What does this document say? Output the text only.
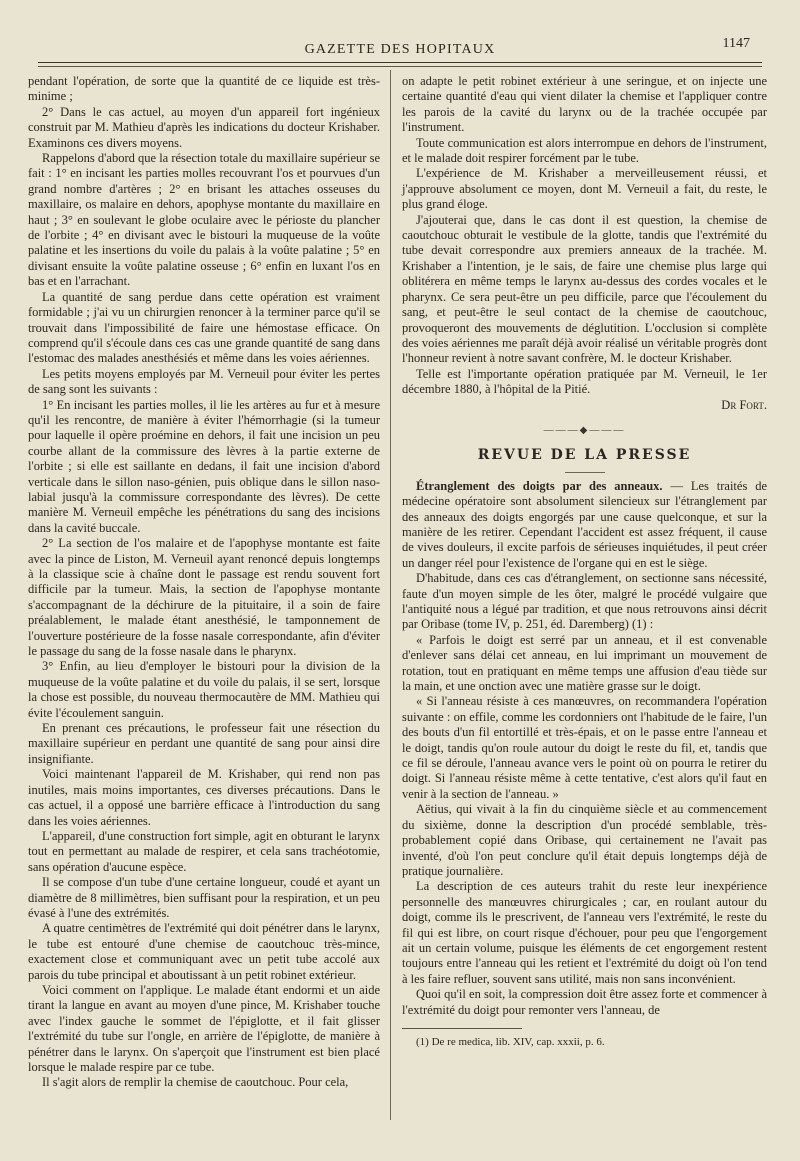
GAZETTE DES HOPITAUX	1147

pendant l'opération, de sorte que la quantité de ce liquide est très-minime ;

2° Dans le cas actuel, au moyen d'un appareil fort ingénieux construit par M. Mathieu d'après les indications du docteur Krishaber. Examinons ces divers moyens.

Rappelons d'abord que la résection totale du maxillaire supérieur se fait : 1° en incisant les parties molles recouvrant l'os et pourvues d'un grand nombre d'artères ; 2° en brisant les attaches osseuses du maxillaire, os malaire en dehors, apophyse montante du maxillaire en haut ; 3° en soulevant le globe oculaire avec le périoste du plancher de l'orbite ; 4° en divisant avec le bistouri la muqueuse de la voûte palatine et les insertions du voile du palais à la voûte palatine ; 5° en divisant ensuite la voûte palatine osseuse ; 6° enfin en luxant l'os en bas et en l'arrachant.

La quantité de sang perdue dans cette opération est vraiment formidable ; j'ai vu un chirurgien renoncer à la terminer parce qu'il se trouvait dans l'impossibilité de faire une hémostase efficace. On comprend qu'il s'écoule dans ces cas une grande quantité de sang dans l'estomac des malades anesthésiés et même dans les voies aériennes.

Les petits moyens employés par M. Verneuil pour éviter les pertes de sang sont les suivants :

1° En incisant les parties molles, il lie les artères au fur et à mesure qu'il les rencontre, de manière à éviter l'hémorrhagie (si la tumeur pour laquelle il opère proémine en dehors, il fait une incision un peu courbe allant de la commissure des lèvres à la partie externe de l'orbite ; si elle est saillante en dedans, il fait une incision d'abord verticale dans le sillon naso-génien, puis oblique dans le sillon naso-labial jusqu'à la commissure correspondante des lèvres). De cette manière M. Verneuil empêche les pénétrations du sang des incisions dans la cavité buccale.

2° La section de l'os malaire et de l'apophyse montante est faite avec la pince de Liston, M. Verneuil ayant renoncé depuis longtemps à la classique scie à chaîne dont le passage est rendu souvent fort difficile par la tumeur. Mais, la section de l'apophyse montante s'accompagnant de la déchirure de la pituitaire, il a soin de faire préalablement, le malade étant anesthésié, le tamponnement de l'ouverture postérieure de la fosse nasale correspondante, afin d'éviter le passage du sang de la fosse nasale dans le pharynx.

3° Enfin, au lieu d'employer le bistouri pour la division de la muqueuse de la voûte palatine et du voile du palais, il se sert, lorsque la chose est possible, du nouveau thermocautère de MM. Mathieu qui évite l'écoulement sanguin.

En prenant ces précautions, le professeur fait une résection du maxillaire supérieur en perdant une quantité de sang pour ainsi dire insignifiante.

Voici maintenant l'appareil de M. Krishaber, qui rend non pas inutiles, mais moins importantes, ces diverses précautions. Dans le cas actuel, il a opposé une barrière efficace à l'introduction du sang dans les voies aériennes.

L'appareil, d'une construction fort simple, agit en obturant le larynx tout en permettant au malade de respirer, et cela sans trachéotomie, sans opération d'aucune espèce.

Il se compose d'un tube d'une certaine longueur, coudé et ayant un diamètre de 8 millimètres, bien suffisant pour la respiration, et un peu évasé à l'une des extrémités.

A quatre centimètres de l'extrémité qui doit pénétrer dans le larynx, le tube est entouré d'une chemise de caoutchouc très-mince, exactement close et communiquant avec un petit tube accolé aux parois du tube principal et aboutissant à un petit robinet extérieur.

Voici comment on l'applique. Le malade étant endormi et un aide tirant la langue en avant au moyen d'une pince, M. Krishaber touche avec l'index gauche le sommet de l'épiglotte, et il fait glisser l'extrémité du tube sur l'ongle, en arrière de l'épiglotte, de manière à pénétrer dans le larynx. On s'aperçoit que l'instrument est bien placé lorsque le malade respire par ce tube.

Il s'agit alors de remplir la chemise de caoutchouc. Pour cela,

on adapte le petit robinet extérieur à une seringue, et on injecte une certaine quantité d'eau qui vient dilater la chemise et l'appliquer contre les parois de la cavité du larynx ou de la trachée occupée par l'instrument.

Toute communication est alors interrompue en dehors de l'instrument, et le malade doit respirer forcément par le tube.

L'expérience de M. Krishaber a merveilleusement réussi, et j'approuve absolument ce moyen, dont M. Verneuil a fait, du reste, le plus grand éloge.

J'ajouterai que, dans le cas dont il est question, la chemise de caoutchouc obturait le vestibule de la glotte, tandis que l'extrémité du tube devait correspondre aux premiers anneaux de la trachée. M. Krishaber a l'intention, je le sais, de faire une chemise plus large qui oblitérera en même temps le larynx au-dessus des cordes vocales et le pharynx. Ce sera peut-être un peu difficile, parce que l'écoulement du sang, et peut-être le seul contact de la chemise de caoutchouc, provoqueront des mouvements de déglutition. L'occlusion si complète des voies aériennes me paraît déjà avoir réalisé un véritable progrès dont l'honneur revient à notre savant confrère, M. le docteur Krishaber.

Telle est l'importante opération pratiquée par M. Verneuil, le 1er décembre 1880, à l'hôpital de la Pitié.

Dr Fort.
———◆———
REVUE DE LA PRESSE

Étranglement des doigts par des anneaux. — Les traités de médecine opératoire sont absolument silencieux sur l'étranglement par des anneaux des doigts engorgés par une cause quelconque, et sur la manière de les retirer. Cependant l'accident est assez fréquent, il cause de vives douleurs, il excite parfois de sérieuses inquiétudes, il peut créer un danger réel pour l'existence de l'organe qui en est le siège.

D'habitude, dans ces cas d'étranglement, on sectionne sans nécessité, faute d'un moyen simple de les ôter, malgré le procédé vulgaire que l'antiquité nous a légué par tradition, et que nous retrouvons ainsi décrit par Oribase (tome IV, p. 251, éd. Daremberg) (1) :

« Parfois le doigt est serré par un anneau, et il est convenable d'enlever sans délai cet anneau, en lui imprimant un mouvement de rotation, tout en pratiquant en même temps une affusion d'eau tiède sur la main, et une onction avec une matière grasse sur le doigt.

« Si l'anneau résiste à ces manœuvres, on recommandera l'opération suivante : on effile, comme les cordonniers ont l'habitude de le faire, l'un des bouts d'un fil entortillé et très-épais, et on le passe entre l'anneau et le doigt, tandis qu'on roule autour du doigt le reste du fil, et, tandis que ce fil se déroule, l'anneau avance vers le point où on pourra le retirer du doigt. Si l'anneau résiste même à cette tentative, c'est alors qu'il faut en venir à la section de l'anneau. »

Aëtius, qui vivait à la fin du cinquième siècle et au commencement du sixième, donne la description d'un procédé semblable, très-probablement copié dans Oribase, qui certainement ne l'avait pas inventé, d'où l'on peut conclure qu'il était depuis longtemps déjà de pratique journalière.

La description de ces auteurs trahit du reste leur inexpérience personnelle des manœuvres chirurgicales ; car, en roulant autour du doigt, comme ils le prescrivent, de l'anneau vers l'extrémité, le reste du fil qui est libre, on court risque d'échouer, pour peu que l'engorgement ait un certain volume, puisque les éléments de cet engorgement restent toujours entre l'anneau qui les retient et l'extrémité du doigt où l'on tend à les faire refluer, souvent sans utilité, mais non sans inconvénient.

Quoi qu'il en soit, la compression doit être assez forte et commencer à l'extrémité du doigt pour remonter vers l'anneau, de

(1) De re medica, lib. XIV, cap. xxxii, p. 6.
